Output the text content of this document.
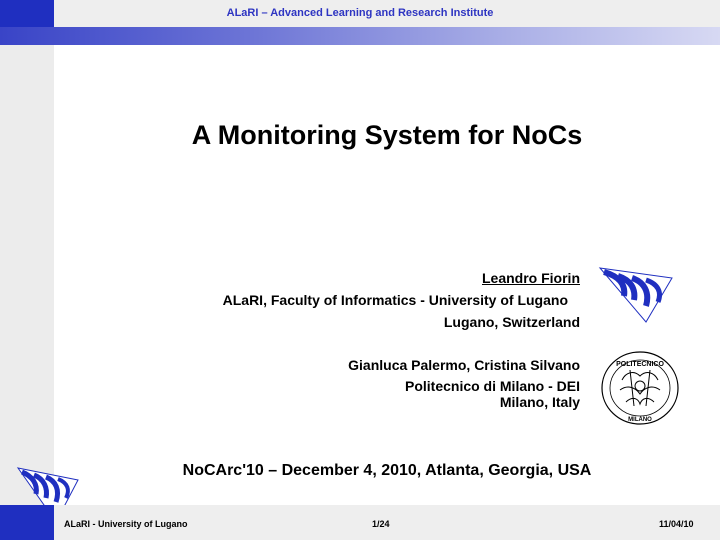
ALaRI – Advanced Learning and Research Institute
A Monitoring System for NoCs
Leandro Fiorin
ALaRI, Faculty of Informatics - University of Lugano
Lugano, Switzerland
Gianluca Palermo, Cristina Silvano
Politecnico di Milano - DEI
Milano, Italy
POLITECNICO
MILANO
NoCArc'10 – December 4, 2010, Atlanta, Georgia, USA
ALaRI - University of Lugano	1/24	11/04/10
